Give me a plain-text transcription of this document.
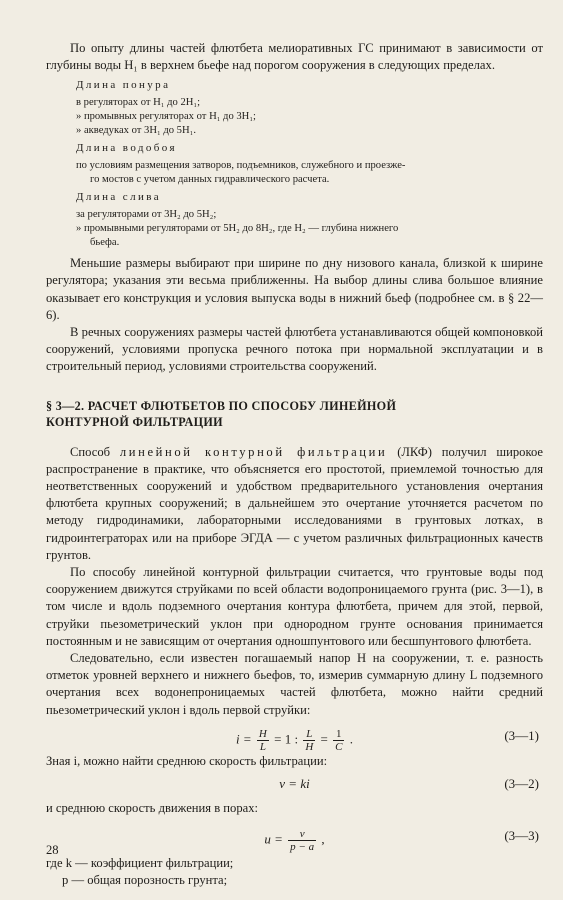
По опыту длины частей флютбета мелиоративных ГС принимают в зависимости от глубины воды H₁ в верхнем бьефе над порогом сооружения в следующих пределах.

Длина понура

в регуляторах от H₁ до 2H₁;
» промывных регуляторах от H₁ до 3H₁;
» акведуках от 3H₁ до 5H₁.

Длина водобоя

по условиям размещения затворов, подъемников, служебного и проезже-
го мостов с учетом данных гидравлического расчета.

Длина слива

за регуляторами от 3H₂ до 5H₂;
» промывными регуляторами от 5H₂ до 8H₂, где H₂ — глубина нижнего
бьефа.

Меньшие размеры выбирают при ширине по дну низового канала, близкой к ширине регулятора; указания эти весьма приближенны. На выбор длины слива большое влияние оказывает его конструкция и условия выпуска воды в нижний бьеф (подробнее см. в § 22—6).

В речных сооружениях размеры частей флютбета устанавливаются общей компоновкой сооружений, условиями пропуска речного потока при нормальной эксплуатации и в строительный период, условиями строительства сооружений.

§ 3—2. РАСЧЕТ ФЛЮТБЕТОВ ПО СПОСОБУ ЛИНЕЙНОЙ

КОНТУРНОЙ ФИЛЬТРАЦИИ

Способ линейной контурной фильтрации (ЛКФ) получил широкое распространение в практике, что объясняется его простотой, приемлемой точностью для неответственных сооружений и удобством предварительного установления очертания флютбета крупных сооружений; в дальнейшем это очертание уточняется расчетом по методу гидродинамики, лабораторными исследованиями в грунтовых лотках, в гидроинтеграторах или на приборе ЭГДА — с учетом различных фильтрационных качеств грунтов.

По способу линейной контурной фильтрации считается, что грунтовые воды под сооружением движутся струйками по всей области водопроницаемого грунта (рис. 3—1), в том числе и вдоль подземного очертания контура флютбета, причем для этой, первой, струйки пьезометрический уклон при однородном грунте основания принимается постоянным и не зависящим от очертания одношпунтового или бесшпунтового флютбета.

Следовательно, если известен погашаемый напор H на сооружении, т. е. разность отметок уровней верхнего и нижнего бьефов, то, измерив суммарную длину L подземного очертания всех водонепроницаемых частей флютбета, можно найти средний пьезометрический уклон i вдоль первой струйки:

$i = \frac{H}{L} = 1$ : $\frac{L}{H} = \frac{1}{C}$ .	(3—1)

Зная i, можно найти среднюю скорость фильтрации:

v = ki	(3—2)

и среднюю скорость движения в порах:

$u = \frac{v}{p - a}$ ,	(3—3)
где k — коэффициент фильтрации;
p — общая порозность грунта;
28
